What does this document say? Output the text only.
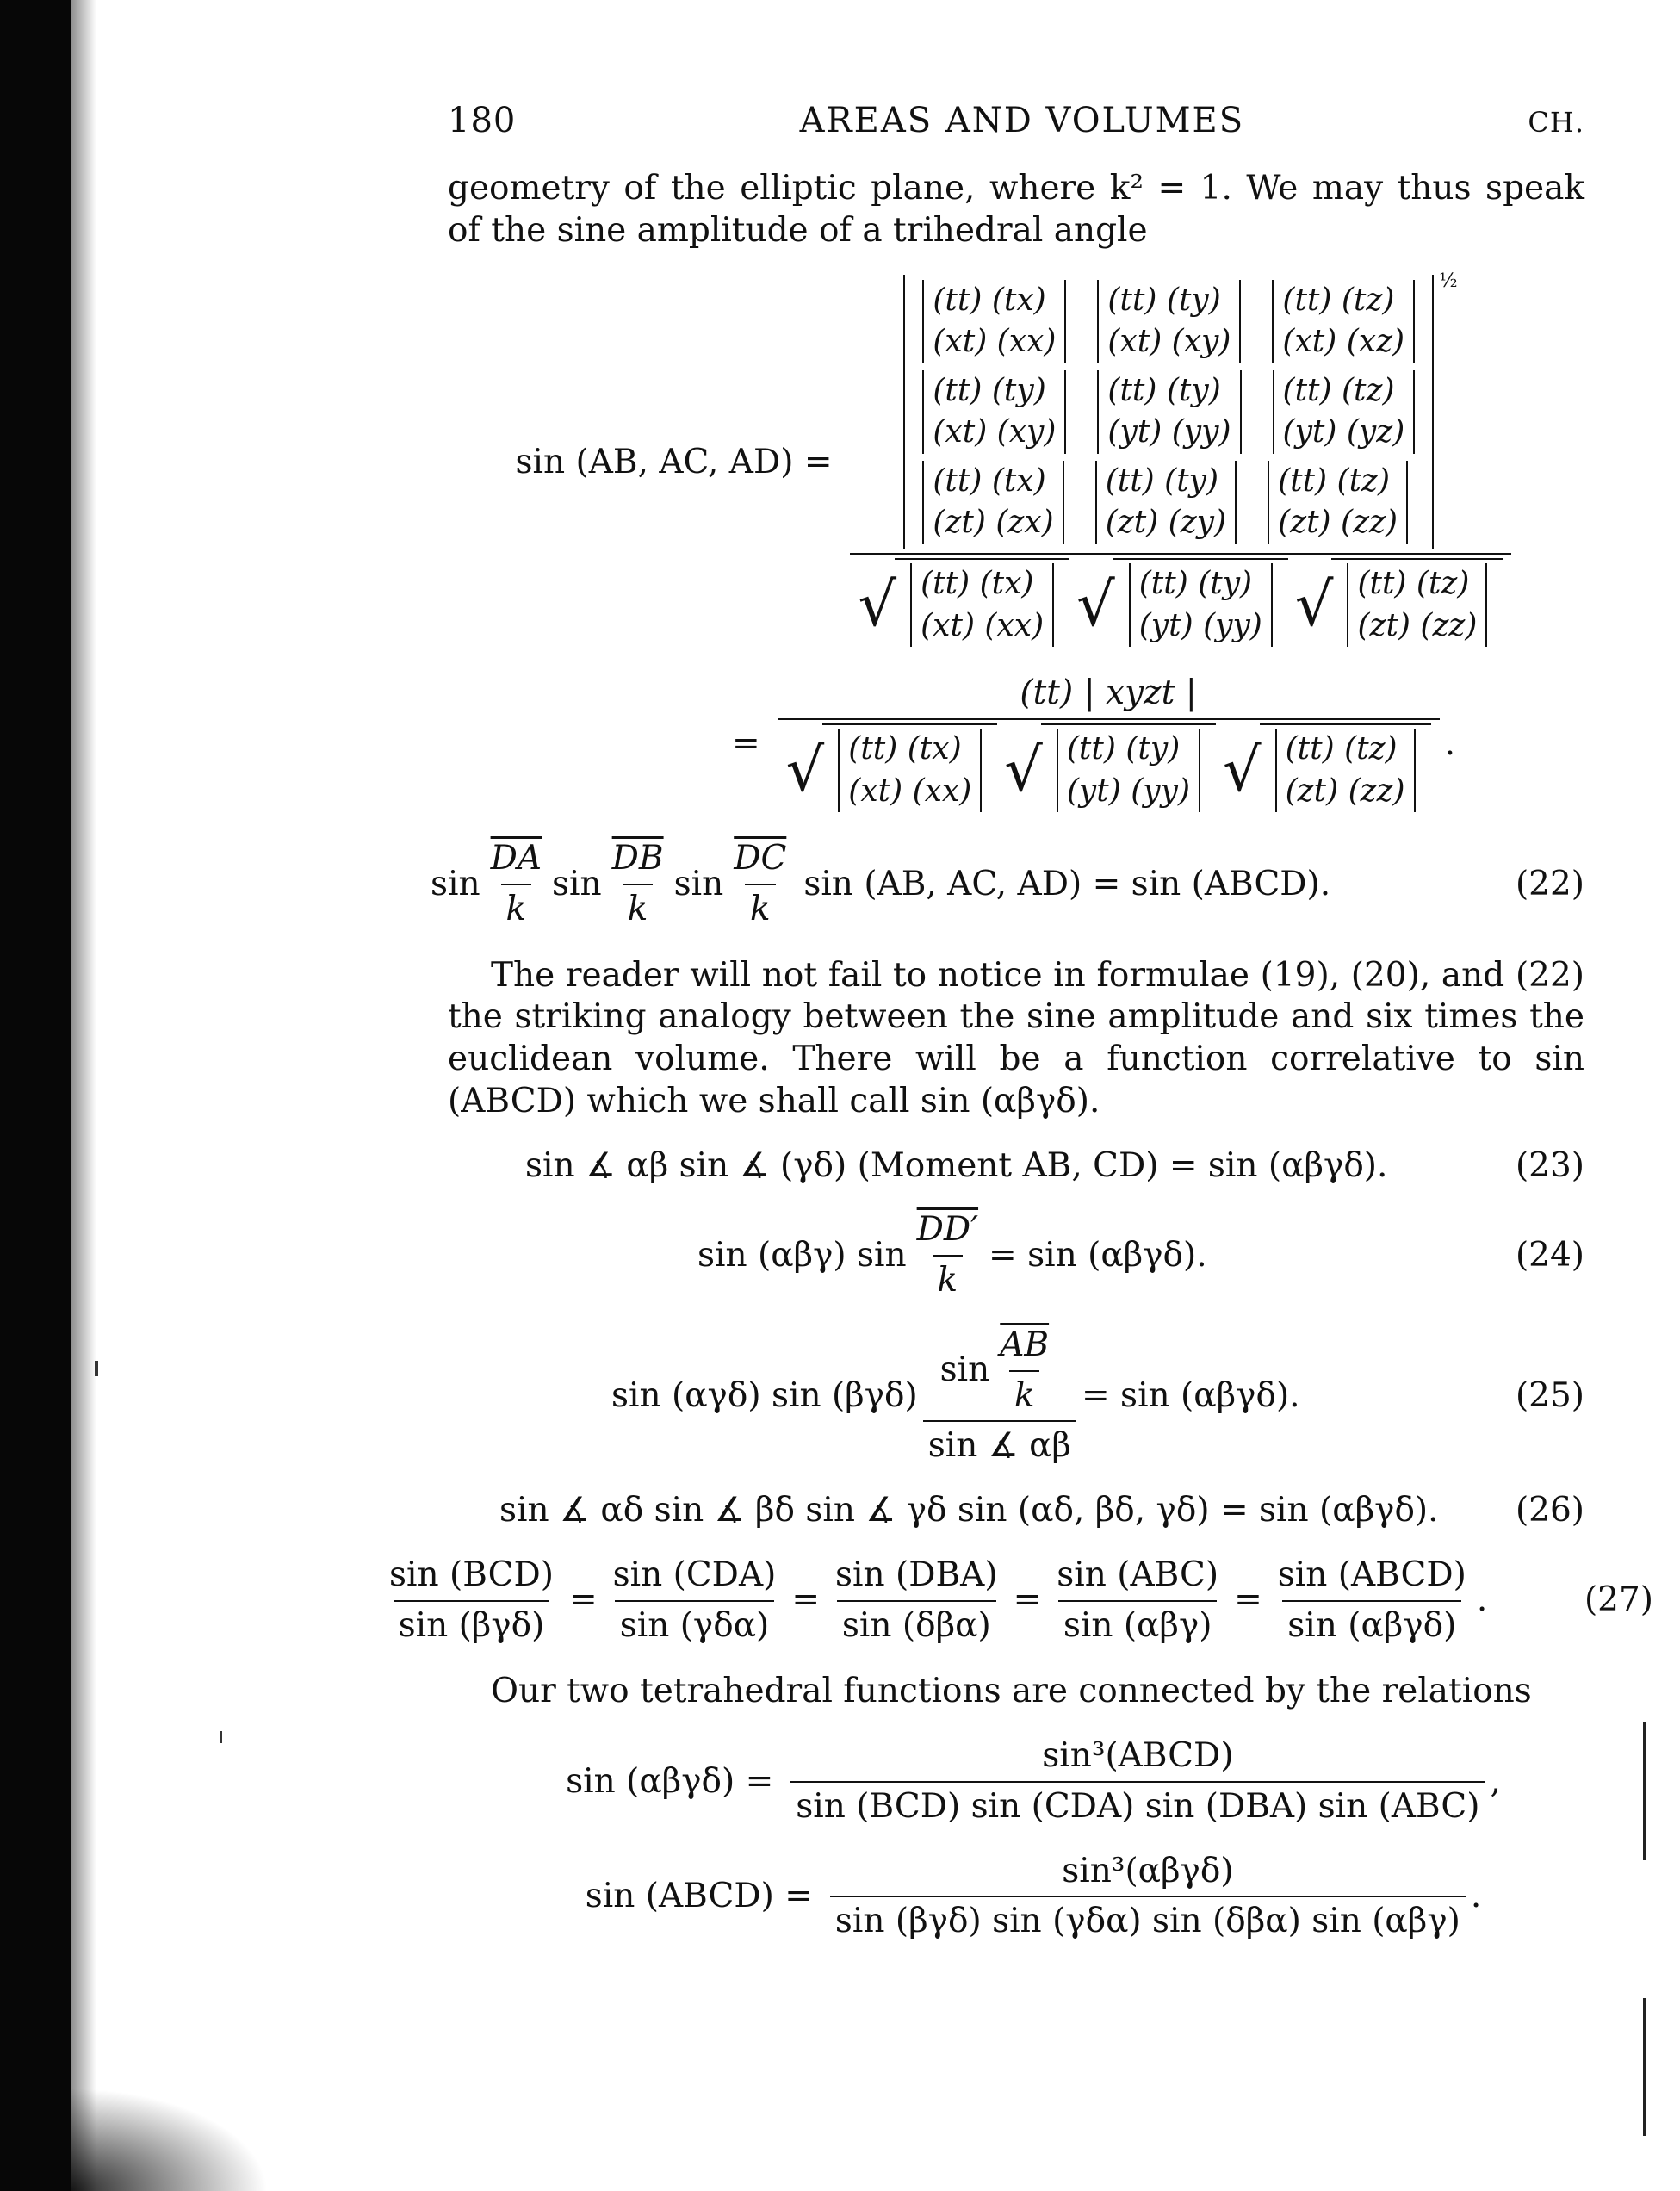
180	AREAS AND VOLUMES	CH.

geometry of the elliptic plane, where k² = 1. We may thus speak of the sine amplitude of a trihedral angle

sin (AB, AC, AD) =
(tt) (tx)
(xt) (xx)
(tt) (ty)
(xt) (xy)
(tt) (tz)
(xt) (xz)
(tt) (ty)
(xt) (xy)
(tt) (ty)
(yt) (yy)
(tt) (tz)
(yt) (yz)
(tt) (tx)
(zt) (zx)
(tt) (ty)
(zt) (zy)
(tt) (tz)
(zt) (zz)
½
√ (tt) (tx)
(xt) (xx) √ (tt) (ty)
(yt) (yy) √ (tt) (tz)
(zt) (zz)
= (tt) | xyzt |
√ (tt) (tx)
(xt) (xx) √ (tt) (ty)
(yt) (yy) √ (tt) (tz)
(zt) (zz) .
$\sin \frac{\overline{DA}}{k}$ $\sin \frac{\overline{DB}}{k}$ $\sin \frac{\overline{DC}}{k}$ sin (AB, AC, AD) = sin (ABCD).	(22)

The reader will not fail to notice in formulae (19), (20), and (22) the striking analogy between the sine amplitude and six times the euclidean volume. There will be a function correlative to sin (ABCD) which we shall call sin (αβγδ).

sin ∡ αβ sin ∡ (γδ) (Moment AB, CD) = sin (αβγδ).	(23)
sin (αβγ) $\sin \frac{DD'}{k} = \sin (\alpha\beta\gamma\delta)$.	(24)
sin (αγδ) $\sin (\beta\gamma\delta) \frac{\sin \frac{\overline{AB}}{k}}{\sin ∡ \alpha\beta} = \sin (\alpha\beta\gamma\delta)$.	(25)
sin ∡ αδ sin ∡ βδ sin ∡ γδ sin (αδ, βδ, γδ) = sin (αβγδ).	(26)
$\frac{\text{sin (BCD)}}{\text{sin (βγδ)}} = \frac{\text{sin (CDA)}}{\text{sin (γδα)}} = \frac{\text{sin (DBA)}}{\text{sin (δβα)}} = \frac{\text{sin (ABC)}}{\text{sin (αβγ)}} = \frac{\text{sin (ABCD)}}{\text{sin (αβγδ)}}$ .	(27)

Our two tetrahedral functions are connected by the relations

$\sin (\alpha\beta\gamma\delta) = \frac{\text{sin³(ABCD)}}{\text{sin (BCD) sin (CDA) sin (DBA) sin (ABC)}}$ ,
sin (ABCD) = $\frac{\text{sin³(αβγδ)}}{\text{sin (βγδ) sin (γδα) sin (δβα) sin (αβγ)}}$ .
